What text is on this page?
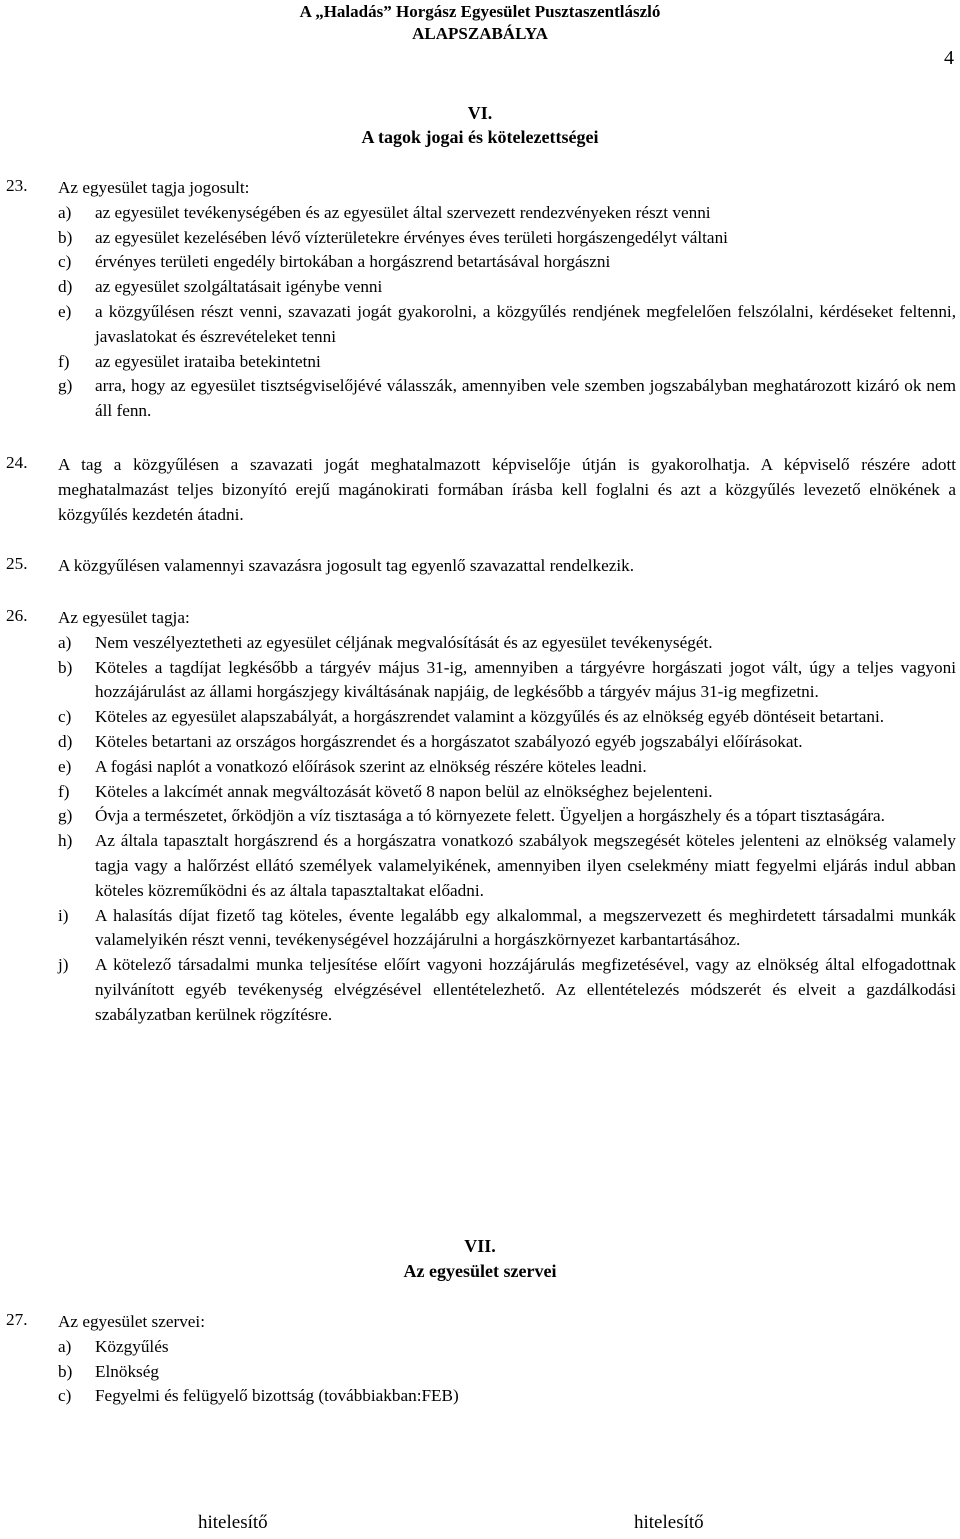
A „Haladás” Horgász Egyesület Pusztaszentlászló
ALAPSZABÁLYA
4
VI.
A tagok jogai és kötelezettségei
23. Az egyesület tagja jogosult:
a) az egyesület tevékenységében és az egyesület által szervezett rendezvényeken részt venni
b) az egyesület kezelésében lévő vízterületekre érvényes éves területi horgászengedélyt váltani
c) érvényes területi engedély birtokában a horgászrend betartásával horgászni
d) az egyesület szolgáltatásait igénybe venni
e) a közgyűlésen részt venni, szavazati jogát gyakorolni, a közgyűlés rendjének megfelelően felszólalni, kérdéseket feltenni, javaslatokat és észrevételeket tenni
f) az egyesület irataiba betekintetni
g) arra, hogy az egyesület tisztségviselőjévé válasszák, amennyiben vele szemben jogszabályban meghatározott kizáró ok nem áll fenn.
24. A tag a közgyűlésen a szavazati jogát meghatalmazott képviselője útján is gyakorolhatja. A képviselő részére adott meghatalmazást teljes bizonyító erejű magánokirati formában írásba kell foglalni és azt a közgyűlés levezető elnökének a közgyűlés kezdetén átadni.
25. A közgyűlésen valamennyi szavazásra jogosult tag egyenlő szavazattal rendelkezik.
26. Az egyesület tagja:
a) Nem veszélyeztetheti az egyesület céljának megvalósítását és az egyesület tevékenységét.
b) Köteles a tagdíjat legkésőbb a tárgyév május 31-ig, amennyiben a tárgyévre horgászati jogot vált, úgy a teljes vagyoni hozzájárulást az állami horgászjegy kiváltásának napjáig, de legkésőbb a tárgyév május 31-ig megfizetni.
c) Köteles az egyesület alapszabályát, a horgászrendet valamint a közgyűlés és az elnökség egyéb döntéseit betartani.
d) Köteles betartani az országos horgászrendet és a horgászatot szabályozó egyéb jogszabályi előírásokat.
e) A fogási naplót a vonatkozó előírások szerint az elnökség részére köteles leadni.
f) Köteles a lakcímét annak megváltozását követő 8 napon belül az elnökséghez bejelenteni.
g) Óvja a természetet, őrködjön a víz tisztasága a tó környezete felett. Ügyeljen a horgászhely és a tópart tisztaságára.
h) Az általa tapasztalt horgászrend és a horgászatra vonatkozó szabályok megszegését köteles jelenteni az elnökség valamely tagja vagy a halőrzést ellátó személyek valamelyikének, amennyiben ilyen cselekmény miatt fegyelmi eljárás indul abban köteles közreműködni és az általa tapasztaltakat előadni.
i) A halasítás díjat fizető tag köteles, évente legalább egy alkalommal, a megszervezett és meghirdetett társadalmi munkák valamelyikén részt venni, tevékenységével hozzájárulni a horgászkörnyezet karbantartásához.
j) A kötelező társadalmi munka teljesítése előírt vagyoni hozzájárulás megfizetésével, vagy az elnökség által elfogadottnak nyilvánított egyéb tevékenység elvégzésével ellentételezhető. Az ellentételezés módszerét és elveit a gazdálkodási szabályzatban kerülnek rögzítésre.
VII.
Az egyesület szervei
27. Az egyesület szervei:
a) Közgyűlés
b) Elnökség
c) Fegyelmi és felügyelő bizottság (továbbiakban:FEB)
hitelesítő	hitelesítő
